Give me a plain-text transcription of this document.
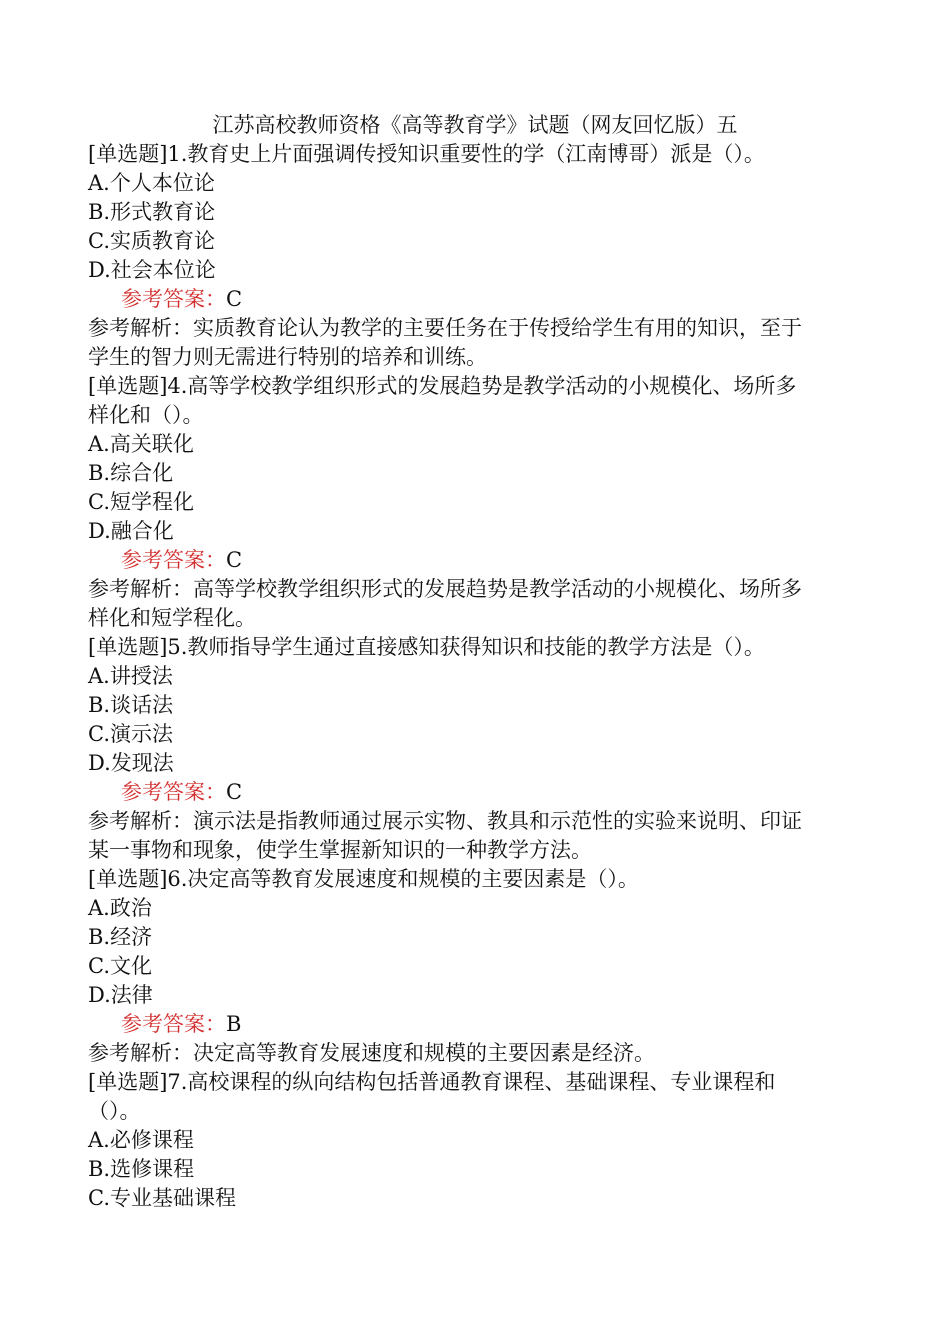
江苏高校教师资格《高等教育学》试题（网友回忆版）五
[单选题]1.教育史上片面强调传授知识重要性的学（江南博哥）派是（）。
A.个人本位论
B.形式教育论
C.实质教育论
D.社会本位论
参考答案：C
参考解析：实质教育论认为教学的主要任务在于传授给学生有用的知识，至于
学生的智力则无需进行特别的培养和训练。
[单选题]4.高等学校教学组织形式的发展趋势是教学活动的小规模化、场所多
样化和（）。
A.高关联化
B.综合化
C.短学程化
D.融合化
参考答案：C
参考解析：高等学校教学组织形式的发展趋势是教学活动的小规模化、场所多
样化和短学程化。
[单选题]5.教师指导学生通过直接感知获得知识和技能的教学方法是（）。
A.讲授法
B.谈话法
C.演示法
D.发现法
参考答案：C
参考解析：演示法是指教师通过展示实物、教具和示范性的实验来说明、印证
某一事物和现象，使学生掌握新知识的一种教学方法。
[单选题]6.决定高等教育发展速度和规模的主要因素是（）。
A.政治
B.经济
C.文化
D.法律
参考答案：B
参考解析：决定高等教育发展速度和规模的主要因素是经济。
[单选题]7.高校课程的纵向结构包括普通教育课程、基础课程、专业课程和
（）。
A.必修课程
B.选修课程
C.专业基础课程
